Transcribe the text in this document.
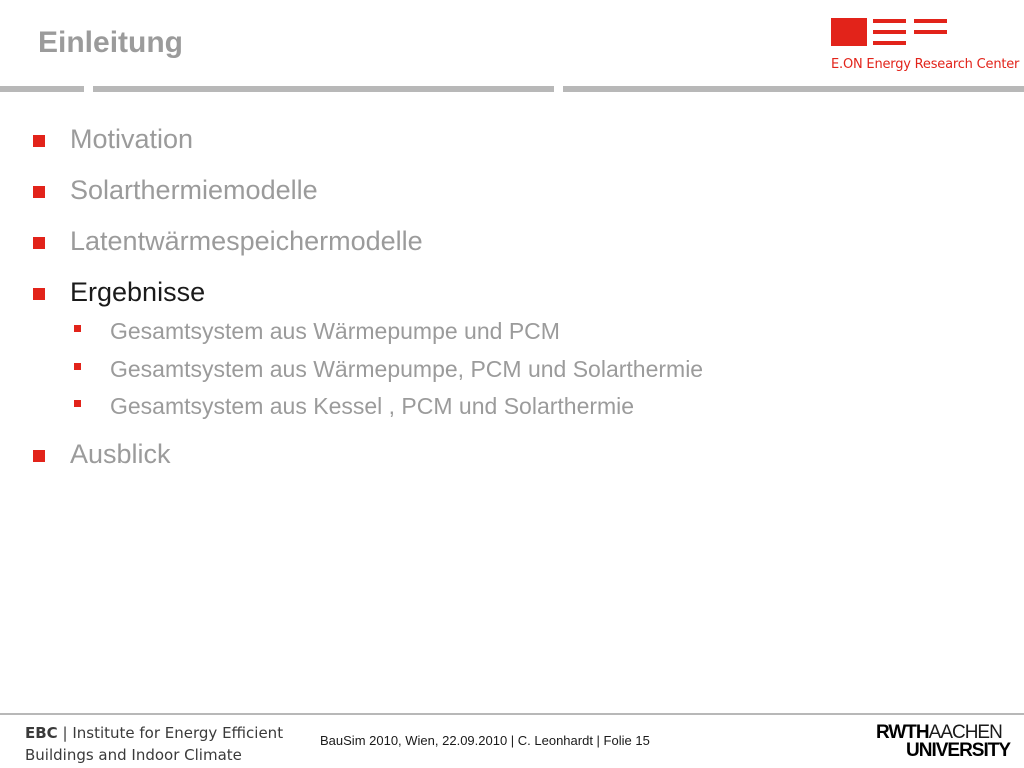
Einleitung
E.ON Energy Research Center
Motivation
Solarthermiemodelle
Latentwärmespeichermodelle
Ergebnisse
Gesamtsystem aus Wärmepumpe und PCM
Gesamtsystem aus Wärmepumpe, PCM und Solarthermie
Gesamtsystem aus Kessel , PCM und Solarthermie
Ausblick
EBC | Institute for Energy Efficient
Buildings and Indoor Climate
BauSim 2010, Wien, 22.09.2010 | C. Leonhardt | Folie 15	RWTHAACHEN
UNIVERSITY
